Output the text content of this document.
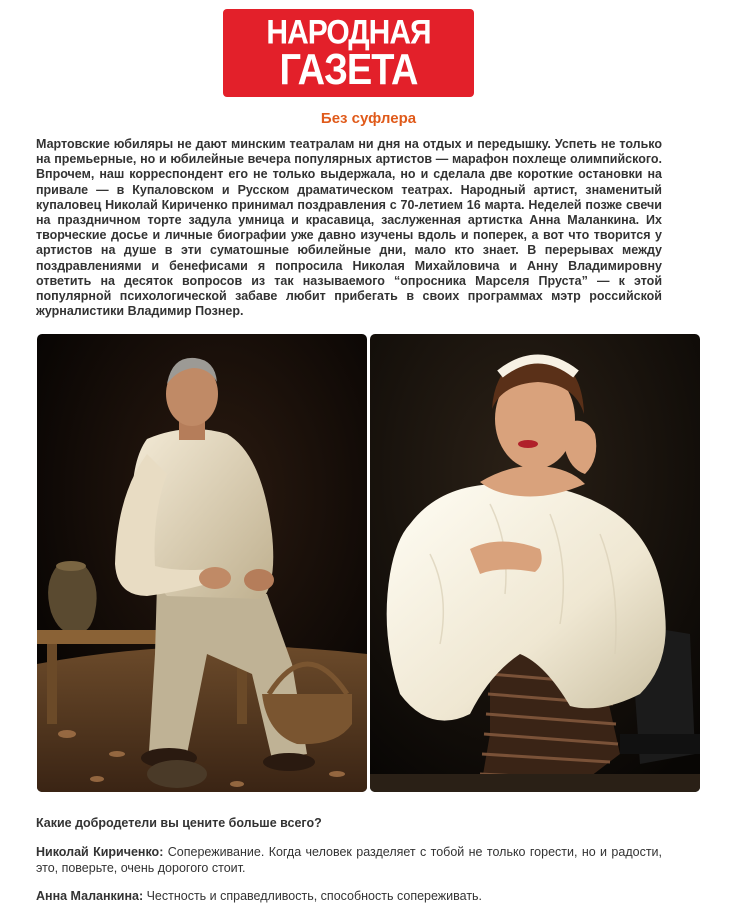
НАРОДНАЯ
ГАЗЕТА
Без суфлера

Мартовские юбиляры не дают минским театралам ни дня на отдых и передышку. Успеть не только на премьерные, но и юбилейные вечера популярных артистов — марафон похлеще олимпийского. Впрочем, наш корреспондент его не только выдержала, но и сделала две короткие остановки на привале — в Купаловском и Русском драматическом театрах. Народный артист, знаменитый купаловец Николай Кириченко принимал поздравления с 70-летием 16 марта. Неделей позже свечи на праздничном торте задула умница и красавица, заслуженная артистка Анна Маланкина. Их творческие досье и личные биографии уже давно изучены вдоль и поперек, а вот что творится у артистов на душе в эти суматошные юбилейные дни, мало кто знает. В перерывах между поздравлениями и бенефисами я попросила Николая Михайловича и Анну Владимировну ответить на десяток вопросов из так называемого “опросника Марселя Пруста” — к этой популярной психологической забаве любит прибегать в своих программах мэтр российской журналистики Владимир Познер.

Какие добродетели вы цените больше всего?

Николай Кириченко: Сопереживание. Когда человек разделяет с тобой не только горести, но и радости, это, поверьте, очень дорогого стоит.

Анна Маланкина: Честность и справедливость, способность сопереживать.
